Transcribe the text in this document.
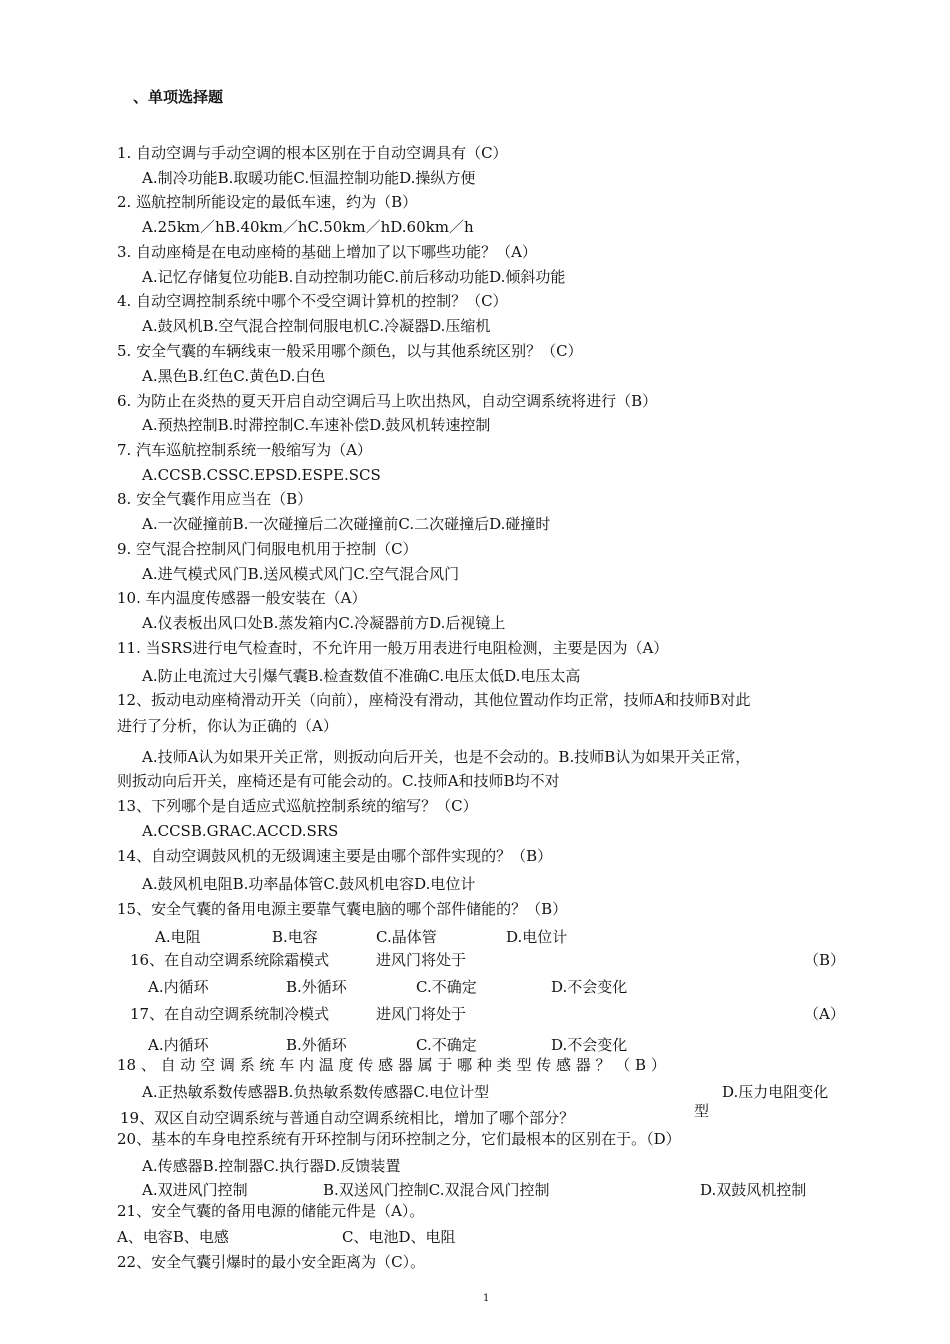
、单项选择题
1. 自动空调与手动空调的根本区别在于自动空调具有（C）
A.制冷功能B.取暖功能C.恒温控制功能D.操纵方便
2. 巡航控制所能设定的最低车速，约为（B）
A.25km／hB.40km／hC.50km／hD.60km／h
3. 自动座椅是在电动座椅的基础上增加了以下哪些功能？（A）
A.记忆存储复位功能B.自动控制功能C.前后移动功能D.倾斜功能
4. 自动空调控制系统中哪个不受空调计算机的控制？（C）
A.鼓风机B.空气混合控制伺服电机C.冷凝器D.压缩机
5. 安全气囊的车辆线束一般采用哪个颜色，以与其他系统区别？（C）
A.黑色B.红色C.黄色D.白色
6. 为防止在炎热的夏天开启自动空调后马上吹出热风，自动空调系统将进行（B）
A.预热控制B.时滞控制C.车速补偿D.鼓风机转速控制
7. 汽车巡航控制系统一般缩写为（A）
A.CCSB.CSSC.EPSD.ESPE.SCS
8. 安全气囊作用应当在（B）
A.一次碰撞前B.一次碰撞后二次碰撞前C.二次碰撞后D.碰撞时
9. 空气混合控制风门伺服电机用于控制（C）
A.进气模式风门B.送风模式风门C.空气混合风门
10. 车内温度传感器一般安装在（A）
A.仪表板出风口处B.蒸发箱内C.冷凝器前方D.后视镜上
11. 当SRS进行电气检查时，不允许用一般万用表进行电阻检测，主要是因为（A）
A.防止电流过大引爆气囊B.检查数值不准确C.电压太低D.电压太高
12、扳动电动座椅滑动开关（向前），座椅没有滑动，其他位置动作均正常，技师A和技师B对此
进行了分析，你认为正确的（A）
A.技师A认为如果开关正常，则扳动向后开关，也是不会动的。B.技师B认为如果开关正常，
则扳动向后开关，座椅还是有可能会动的。C.技师A和技师B均不对
13、下列哪个是自适应式巡航控制系统的缩写？（C）
A.CCSB.GRAC.ACCD.SRS
14、自动空调鼓风机的无级调速主要是由哪个部件实现的？（B）
A.鼓风机电阻B.功率晶体管C.鼓风机电容D.电位计
15、安全气囊的备用电源主要靠气囊电脑的哪个部件储能的？（B）
A.电阻	B.电容	C.晶体管	D.电位计
16、在自动空调系统除霜模式	进风门将处于	（B）
A.内循环	B.外循环	C.不确定	D.不会变化
17、在自动空调系统制冷模式	进风门将处于	（A）
A.内循环	B.外循环	C.不确定	D.不会变化
18 、 自 动 空 调 系 统 车 内 温 度 传 感 器 属 于 哪 种 类 型 传 感 器 ？ （ B ）
A.正热敏系数传感器B.负热敏系数传感器C.电位计型	D.压力电阻变化
型
19、双区自动空调系统与普通自动空调系统相比，增加了哪个部分？
20、基本的车身电控系统有开环控制与闭环控制之分，它们最根本的区别在于。（D）
A.传感器B.控制器C.执行器D.反馈装置
A.双进风门控制	B.双送风门控制C.双混合风门控制	D.双鼓风机控制
21、安全气囊的备用电源的储能元件是（A）。
A、电容B、电感	C、电池D、电阻
22、安全气囊引爆时的最小安全距离为（C）。
1
